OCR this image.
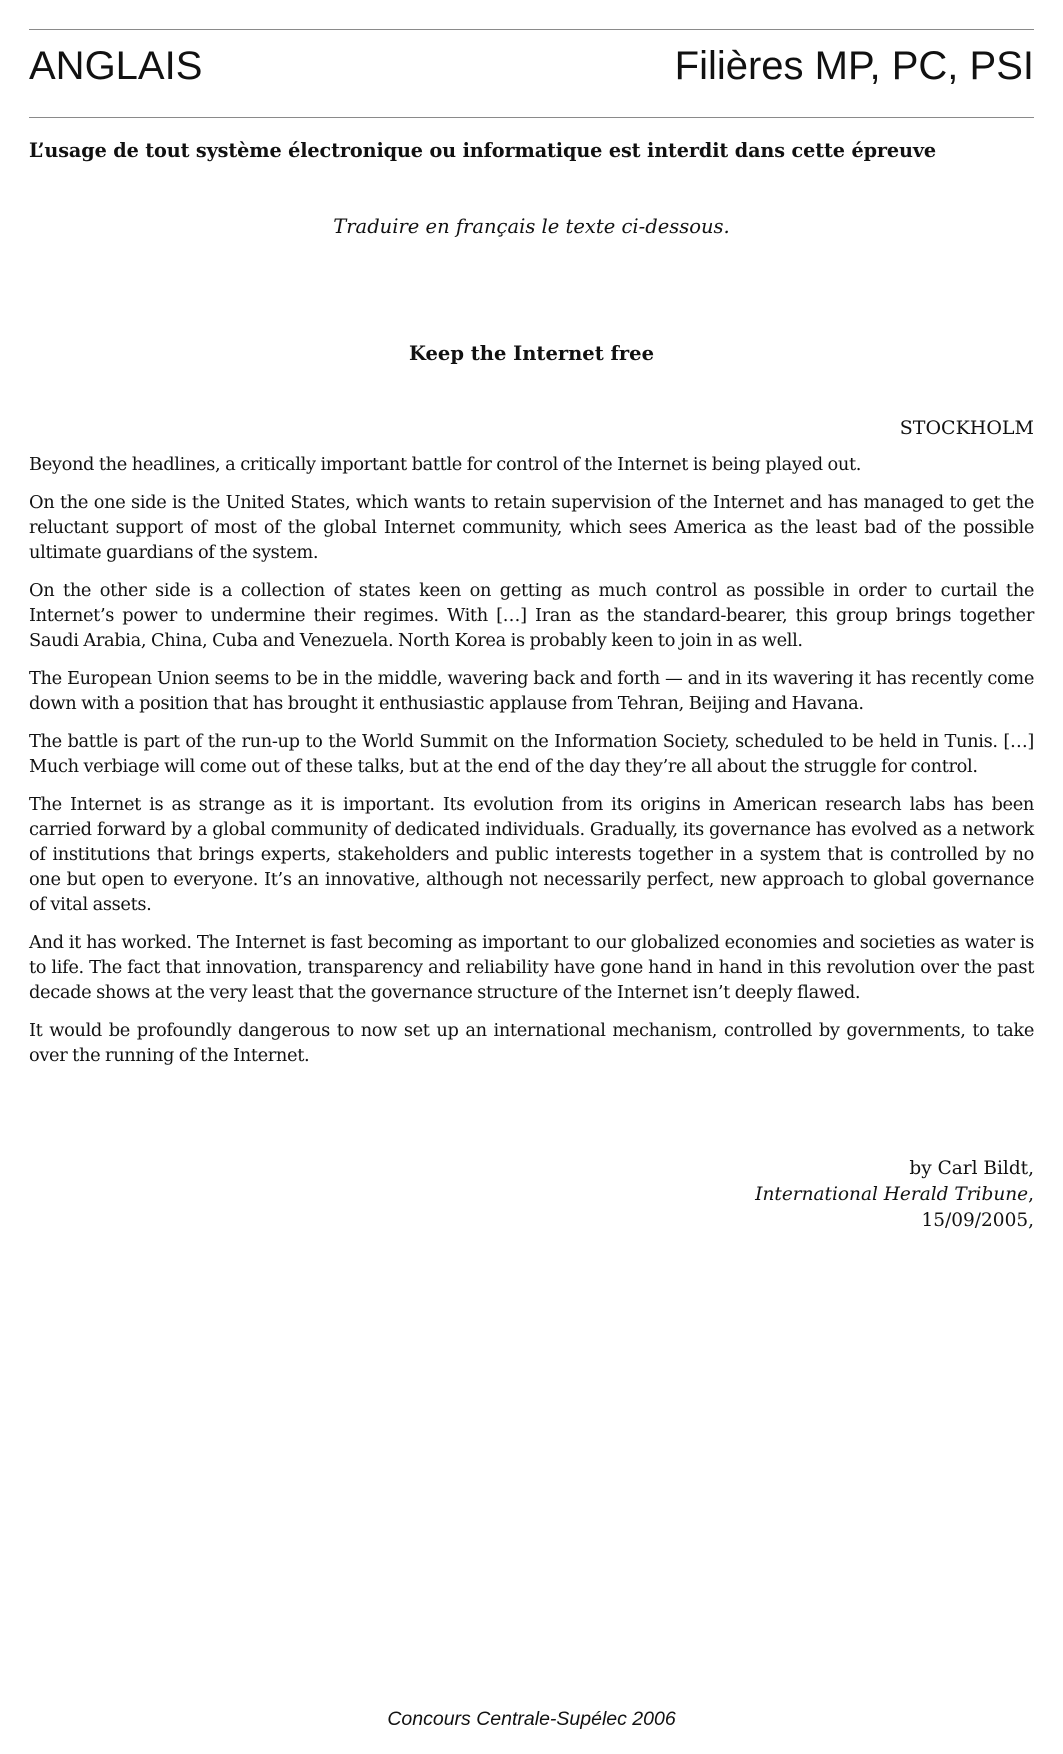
ANGLAIS	Filières MP, PC, PSI
L’usage de tout système électronique ou informatique est interdit dans cette épreuve
Traduire en français le texte ci-dessous.
Keep the Internet free
STOCKHOLM

Beyond the headlines, a critically important battle for control of the Internet is being played out.

On the one side is the United States, which wants to retain supervision of the Internet and has managed to get the reluctant support of most of the global Internet community, which sees America as the least bad of the possible ultimate guardians of the system.

On the other side is a collection of states keen on getting as much control as possible in order to curtail the Internet’s power to undermine their regimes. With […] Iran as the standard-bearer, this group brings together Saudi Arabia, China, Cuba and Venezuela. North Korea is probably keen to join in as well.

The European Union seems to be in the middle, wavering back and forth — and in its wavering it has recently come down with a position that has brought it enthusiastic applause from Tehran, Beijing and Havana.

The battle is part of the run-up to the World Summit on the Information Society, scheduled to be held in Tunis. […] Much verbiage will come out of these talks, but at the end of the day they’re all about the struggle for control.

The Internet is as strange as it is important. Its evolution from its origins in American research labs has been carried forward by a global community of dedicated individuals. Gradually, its governance has evolved as a network of institutions that brings experts, stakeholders and public interests together in a system that is controlled by no one but open to everyone. It’s an innovative, although not necessarily perfect, new approach to global governance of vital assets.

And it has worked. The Internet is fast becoming as important to our globalized economies and societies as water is to life. The fact that innovation, transparency and reliability have gone hand in hand in this revolution over the past decade shows at the very least that the governance structure of the Internet isn’t deeply flawed.

It would be profoundly dangerous to now set up an international mechanism, controlled by governments, to take over the running of the Internet.

by Carl Bildt,
International Herald Tribune,
15/09/2005,
Concours Centrale-Supélec 2006
